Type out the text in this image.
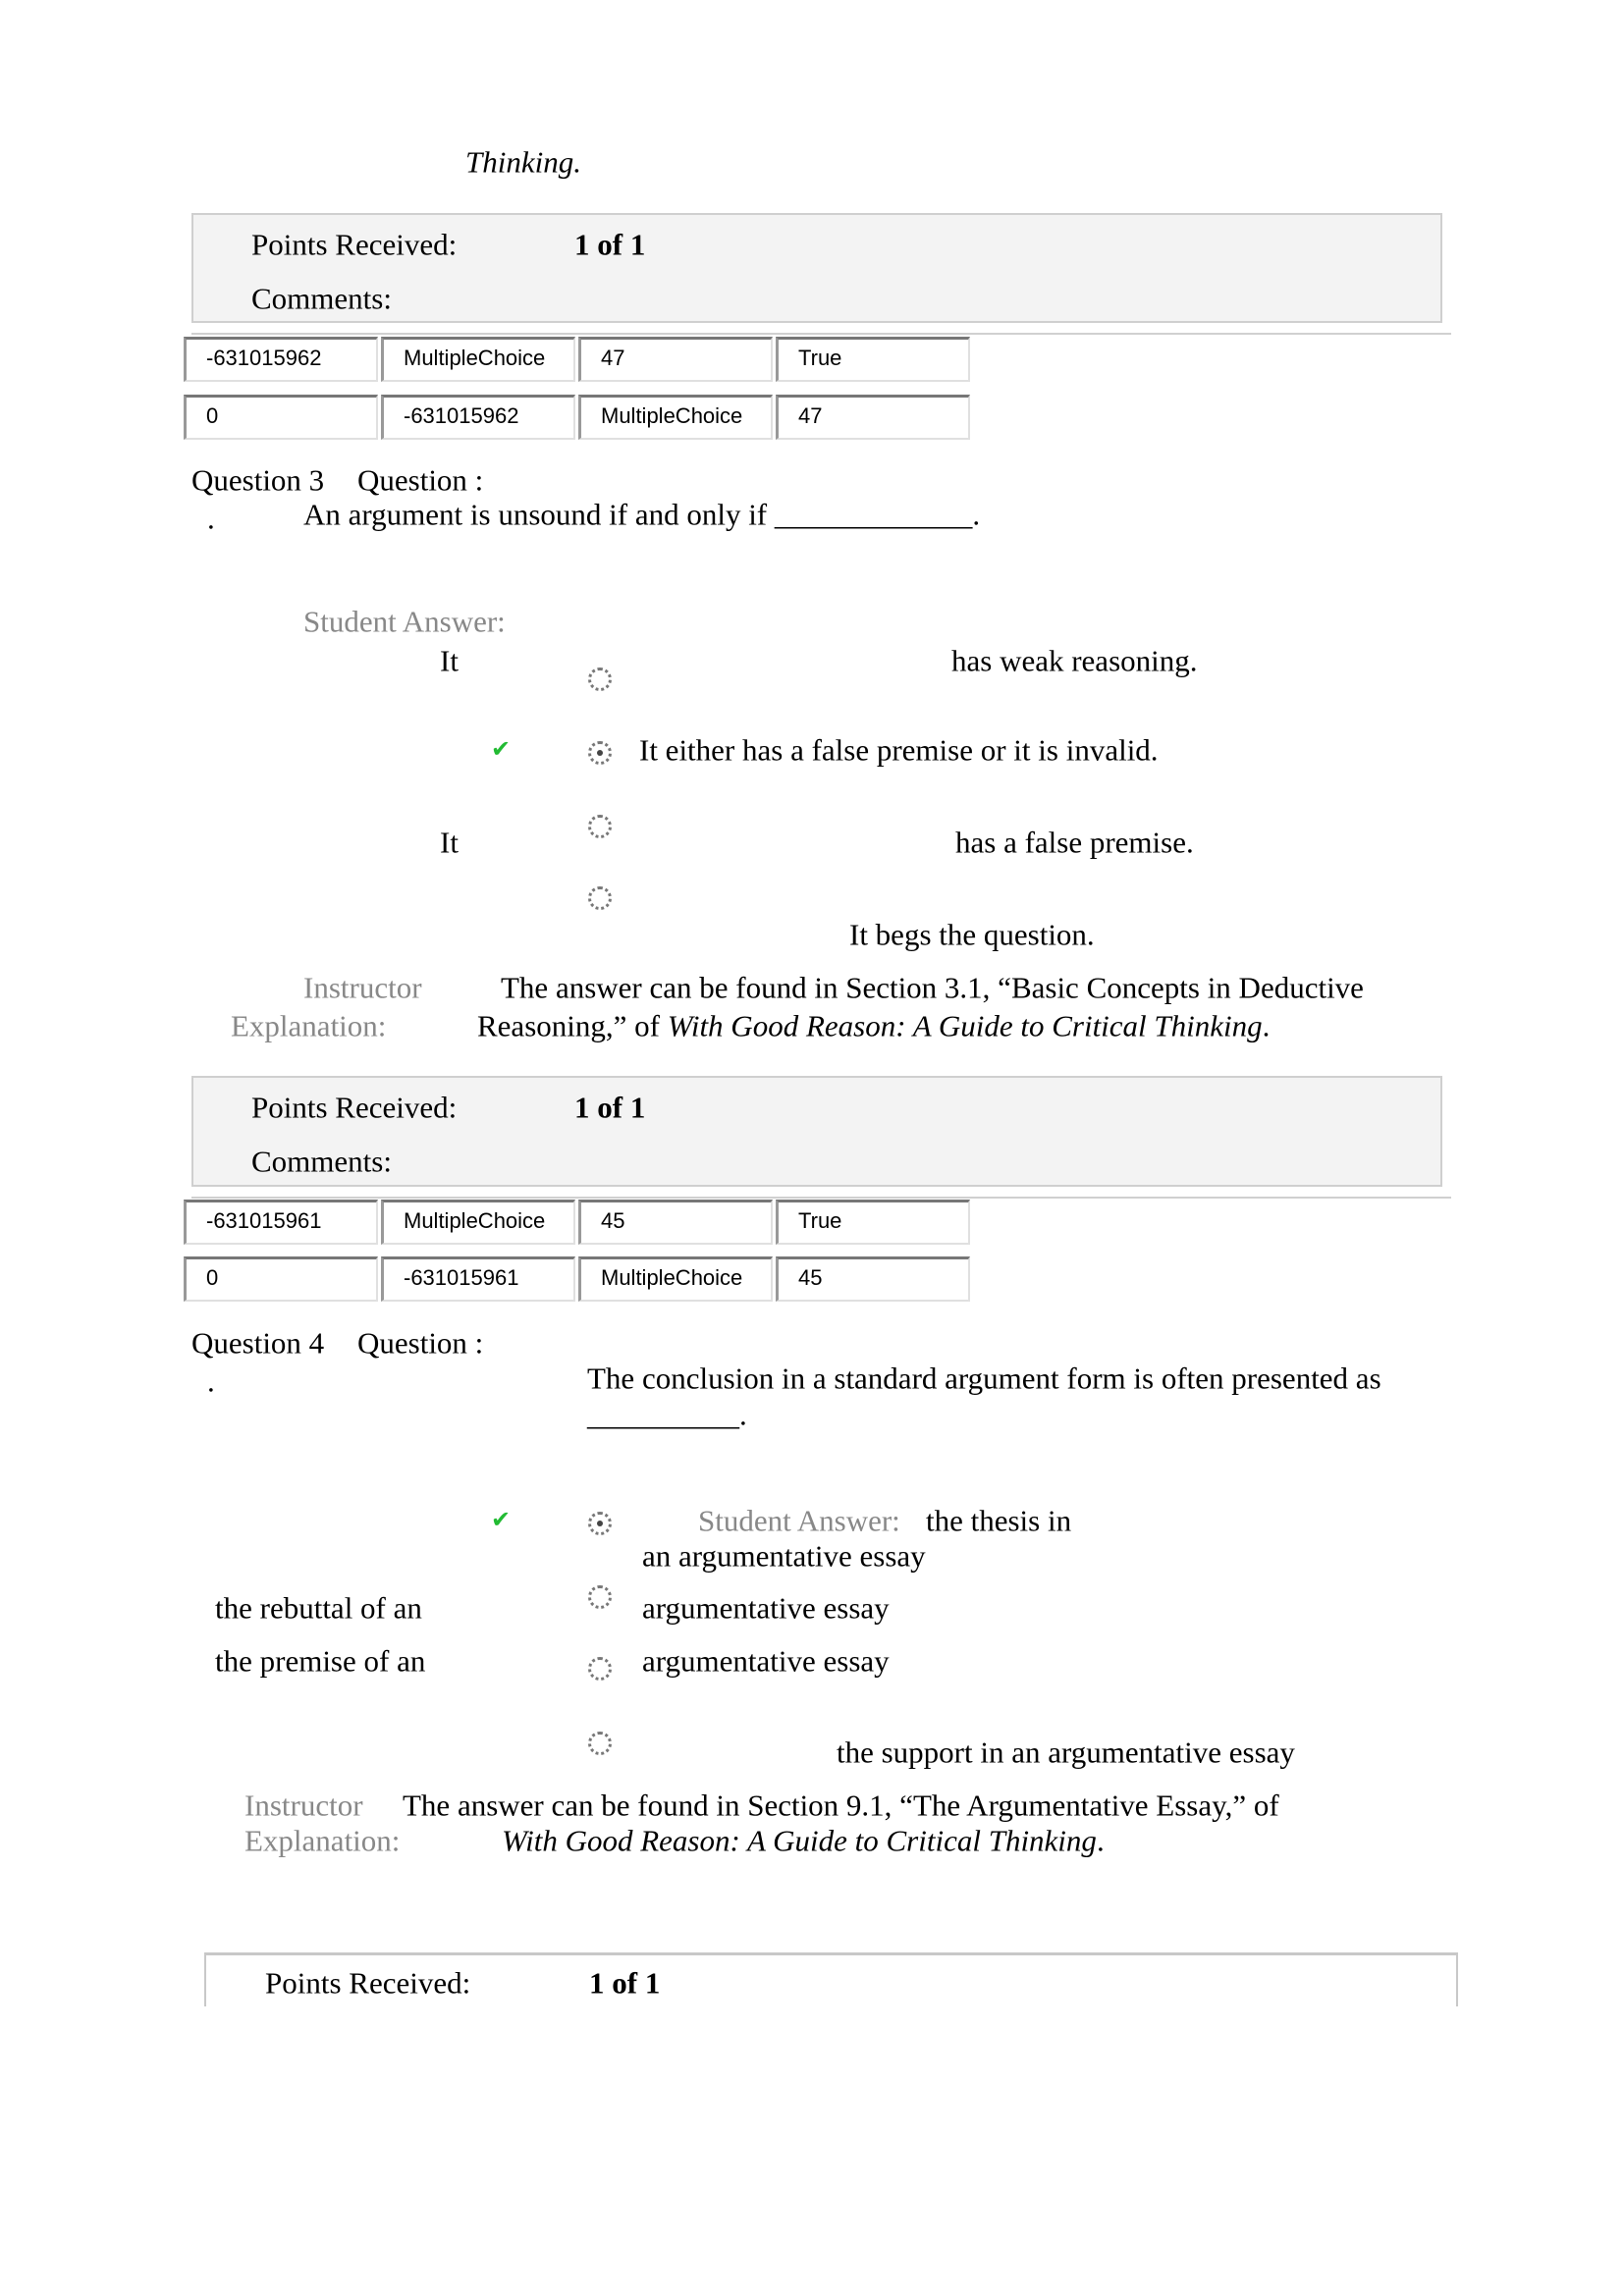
Thinking.
Points Received:	1 of 1
Comments:
-631015962	MultipleChoice	47	True
0	-631015962	MultipleChoice	47
Question 3 Question :
.	An argument is unsound if and only if _____________.
Student Answer:
It	has weak reasoning.
✔	It either has a false premise or it is invalid.
It	has a false premise.
It begs the question.
Instructor
Explanation:
The answer can be found in Section 3.1, “Basic Concepts in Deductive
Reasoning,” of With Good Reason: A Guide to Critical Thinking.
Points Received:	1 of 1
Comments:
-631015961	MultipleChoice	45	True
0	-631015961	MultipleChoice	45
Question 4 Question :
.	The conclusion in a standard argument form is often presented as
__________.
✔	Student Answer: the thesis in
an argumentative essay
the rebuttal of an	argumentative essay
the premise of an	argumentative essay
the support in an argumentative essay
Instructor The answer can be found in Section 9.1, “The Argumentative Essay,” of
Explanation:	With Good Reason: A Guide to Critical Thinking.
Points Received:	1 of 1
